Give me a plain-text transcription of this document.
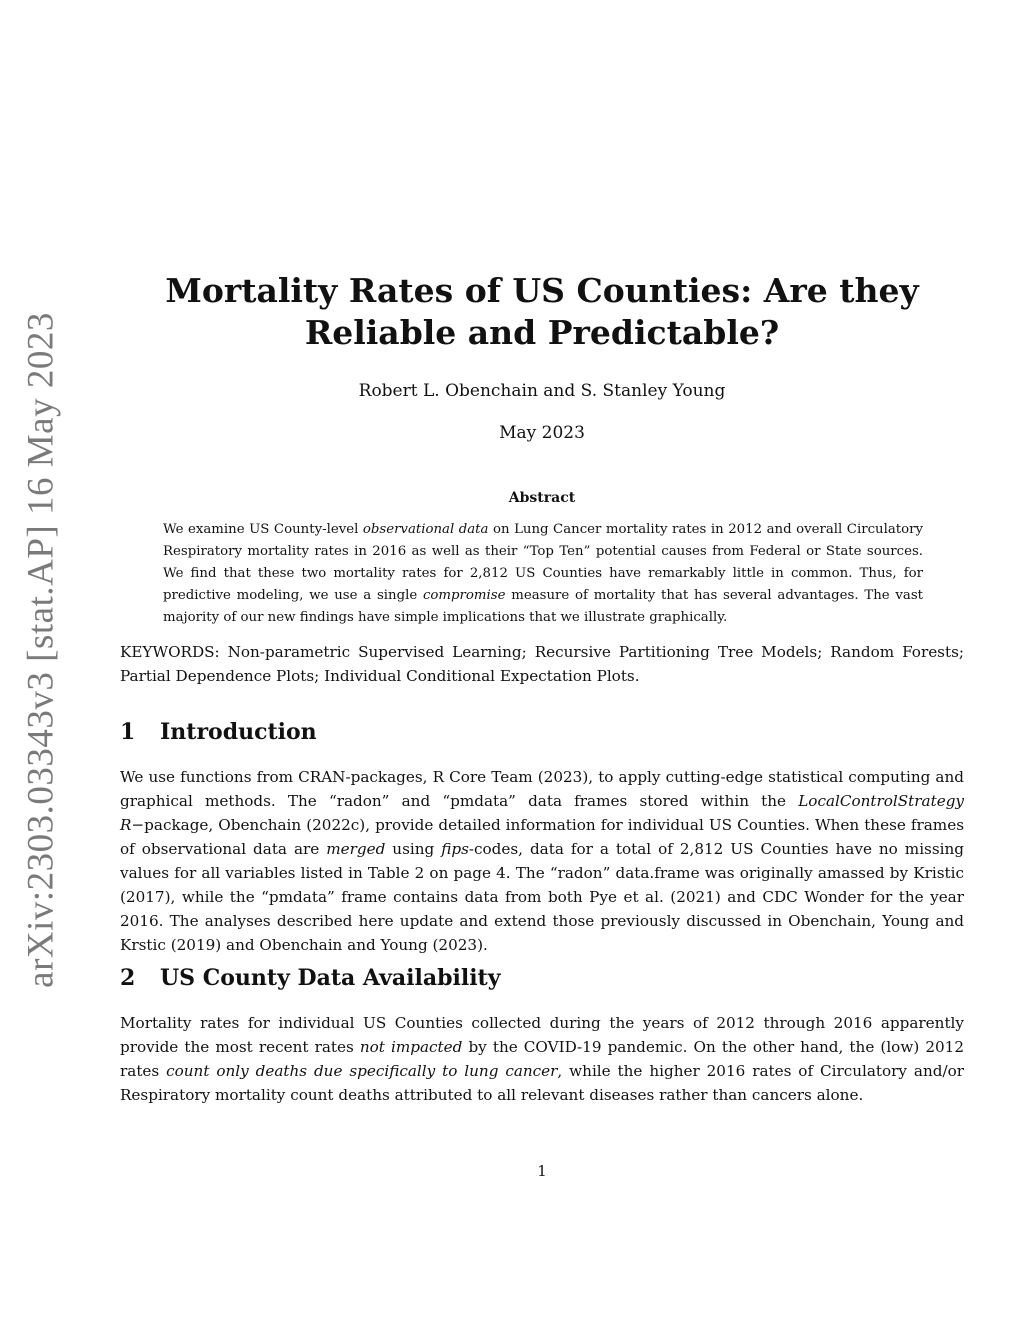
arXiv:2303.03343v3 [stat.AP] 16 May 2023
Mortality Rates of US Counties: Are they
Reliable and Predictable?
Robert L. Obenchain and S. Stanley Young
May 2023
Abstract
We examine US County-level observational data on Lung Cancer mortality rates in 2012 and overall Circulatory Respiratory mortality rates in 2016 as well as their “Top Ten” potential causes from Federal or State sources. We find that these two mortality rates for 2,812 US Counties have remarkably little in common. Thus, for predictive modeling, we use a single compromise measure of mortality that has several advantages. The vast majority of our new findings have simple implications that we illustrate graphically.
KEYWORDS: Non-parametric Supervised Learning; Recursive Partitioning Tree Models; Random Forests; Partial Dependence Plots; Individual Conditional Expectation Plots.
1 Introduction
We use functions from CRAN-packages, R Core Team (2023), to apply cutting-edge statistical computing and graphical methods. The “radon” and “pmdata” data frames stored within the LocalControlStrategy R−package, Obenchain (2022c), provide detailed information for individual US Counties. When these frames of observational data are merged using fips-codes, data for a total of 2,812 US Counties have no missing values for all variables listed in Table 2 on page 4. The “radon” data.frame was originally amassed by Kristic (2017), while the “pmdata” frame contains data from both Pye et al. (2021) and CDC Wonder for the year 2016. The analyses described here update and extend those previously discussed in Obenchain, Young and Krstic (2019) and Obenchain and Young (2023).
2 US County Data Availability
Mortality rates for individual US Counties collected during the years of 2012 through 2016 apparently provide the most recent rates not impacted by the COVID-19 pandemic. On the other hand, the (low) 2012 rates count only deaths due specifically to lung cancer, while the higher 2016 rates of Circulatory and/or Respiratory mortality count deaths attributed to all relevant diseases rather than cancers alone.
1
